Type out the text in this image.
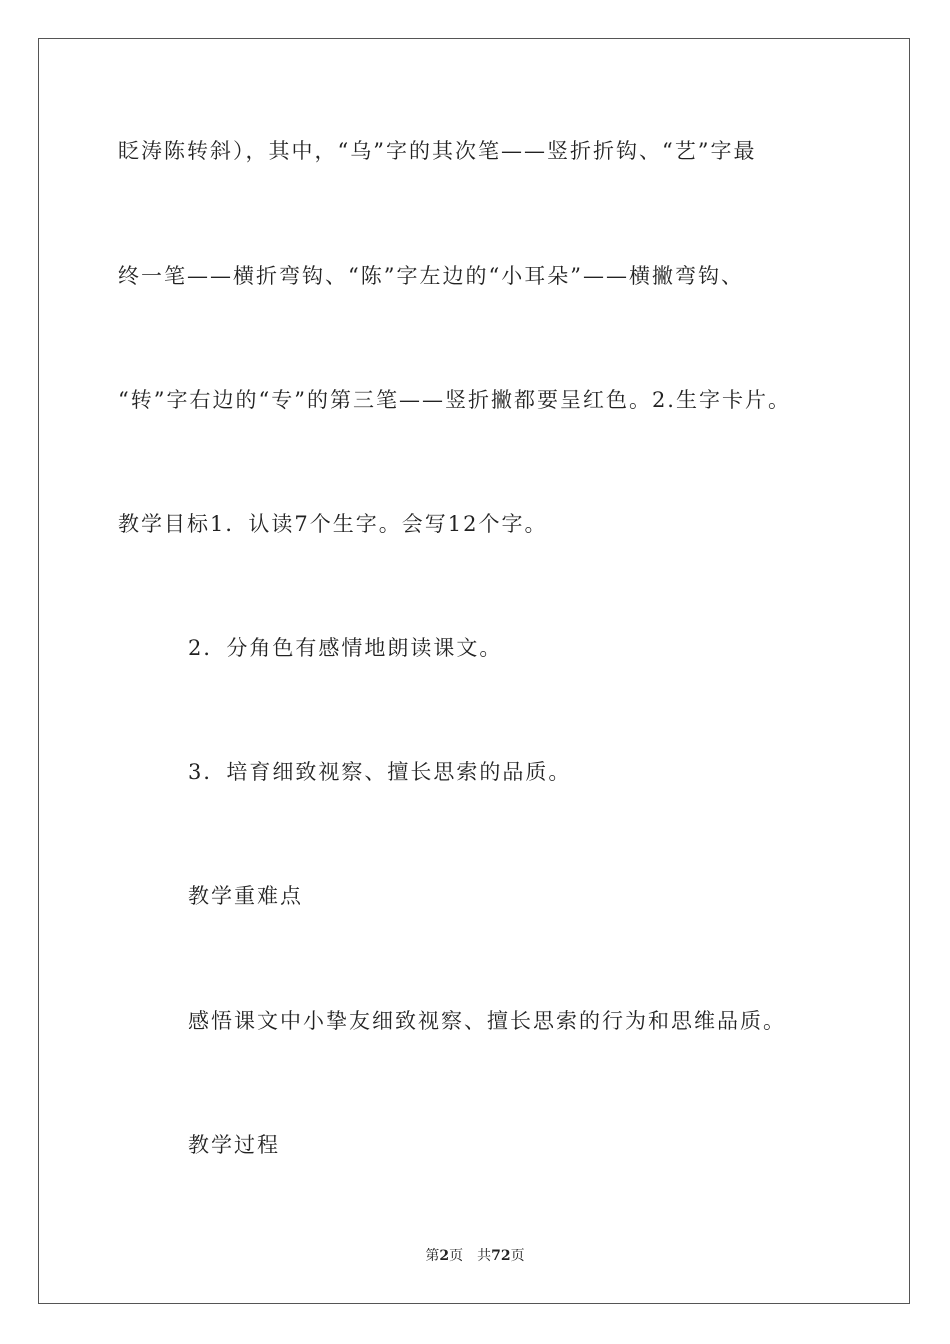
眨涛陈转斜），其中，“乌”字的其次笔——竖折折钩、“艺”字最
终一笔——横折弯钩、“陈”字左边的“小耳朵”——横撇弯钩、
“转”字右边的“专”的第三笔——竖折撇都要呈红色。2.生字卡片。
教学目标1．认读7个生字。会写12个字。
2．分角色有感情地朗读课文。
3．培育细致视察、擅长思索的品质。
教学重难点
感悟课文中小挚友细致视察、擅长思索的行为和思维品质。
教学过程
第2页 共72页
